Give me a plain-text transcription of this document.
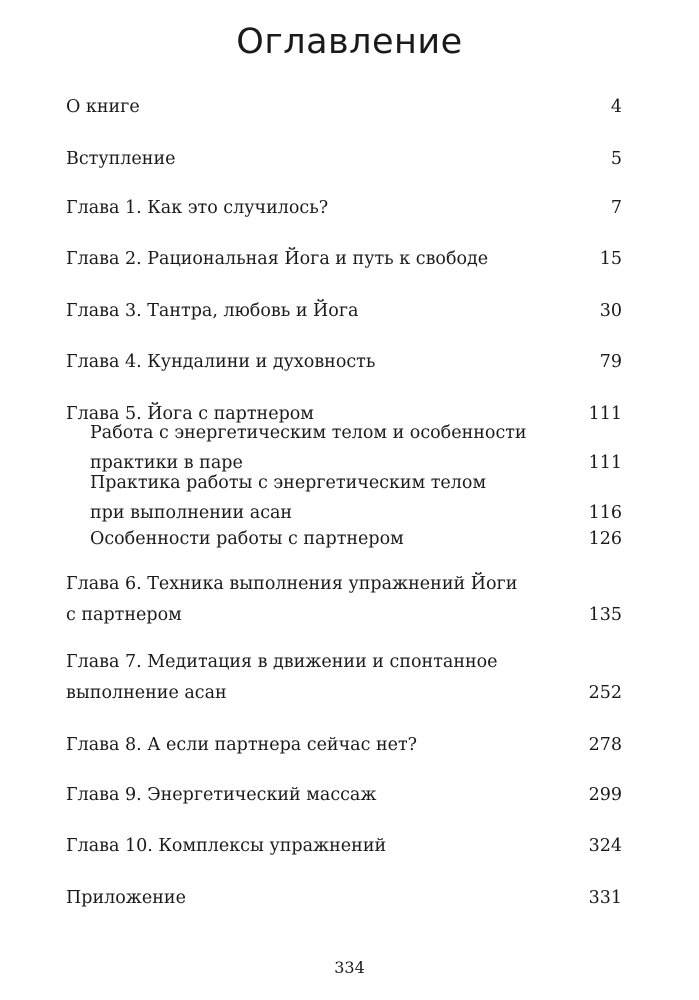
Оглавление
О книге	4
Вступление	5
Глава 1. Как это случилось?	7
Глава 2. Рациональная Йога и путь к свободе	15
Глава 3. Тантра, любовь и Йога	30
Глава 4. Кундалини и духовность	79
Глава 5. Йога с партнером	111
Работа с энергетическим телом и особенности
практики в паре	111
Практика работы с энергетическим телом
при выполнении асан	116
Особенности работы с партнером	126
Глава 6. Техника выполнения упражнений Йоги
с партнером	135
Глава 7. Медитация в движении и спонтанное
выполнение асан	252
Глава 8. А если партнера сейчас нет?	278
Глава 9. Энергетический массаж	299
Глава 10. Комплексы упражнений	324
Приложение	331
334
